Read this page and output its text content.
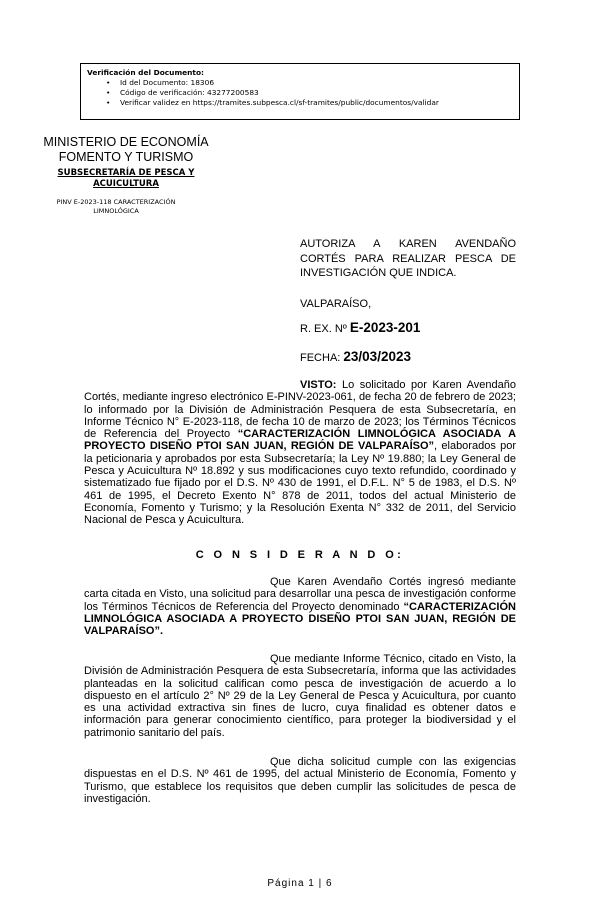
Verificación del Documento:
• Id del Documento: 18306
• Código de verificación: 43277200583
• Verificar validez en https://tramites.subpesca.cl/sf-tramites/public/documentos/validar
MINISTERIO DE ECONOMÍA
FOMENTO Y TURISMO
SUBSECRETARÍA DE PESCA Y
ACUICULTURA
PINV E-2023-118 CARACTERIZACIÓN
LIMNOLÓGICA
AUTORIZA A KAREN AVENDAÑO CORTÉS PARA REALIZAR PESCA DE INVESTIGACIÓN QUE INDICA.
VALPARAÍSO,
R. EX. Nº E-2023-201
FECHA: 23/03/2023
VISTO: Lo solicitado por Karen Avendaño Cortés, mediante ingreso electrónico E-PINV-2023-061, de fecha 20 de febrero de 2023; lo informado por la División de Administración Pesquera de esta Subsecretaría, en Informe Técnico N° E-2023-118, de fecha 10 de marzo de 2023; los Términos Técnicos de Referencia del Proyecto “CARACTERIZACIÓN LIMNOLÓGICA ASOCIADA A PROYECTO DISEÑO PTOI SAN JUAN, REGIÓN DE VALPARAÍSO”, elaborados por la peticionaria y aprobados por esta Subsecretaría; la Ley Nº 19.880; la Ley General de Pesca y Acuicultura Nº 18.892 y sus modificaciones cuyo texto refundido, coordinado y sistematizado fue fijado por el D.S. Nº 430 de 1991, el D.F.L. N° 5 de 1983, el D.S. Nº 461 de 1995, el Decreto Exento N° 878 de 2011, todos del actual Ministerio de Economía, Fomento y Turismo; y la Resolución Exenta N° 332 de 2011, del Servicio Nacional de Pesca y Acuicultura.
C O N S I D E R A N D O:
Que Karen Avendaño Cortés ingresó mediante carta citada en Visto, una solicitud para desarrollar una pesca de investigación conforme los Términos Técnicos de Referencia del Proyecto denominado “CARACTERIZACIÓN LIMNOLÓGICA ASOCIADA A PROYECTO DISEÑO PTOI SAN JUAN, REGIÓN DE VALPARAÍSO”.
Que mediante Informe Técnico, citado en Visto, la División de Administración Pesquera de esta Subsecretaría, informa que las actividades planteadas en la solicitud califican como pesca de investigación de acuerdo a lo dispuesto en el artículo 2° Nº 29 de la Ley General de Pesca y Acuicultura, por cuanto es una actividad extractiva sin fines de lucro, cuya finalidad es obtener datos e información para generar conocimiento científico, para proteger la biodiversidad y el patrimonio sanitario del país.
Que dicha solicitud cumple con las exigencias dispuestas en el D.S. Nº 461 de 1995, del actual Ministerio de Economía, Fomento y Turismo, que establece los requisitos que deben cumplir las solicitudes de pesca de investigación.
Página 1 | 6
